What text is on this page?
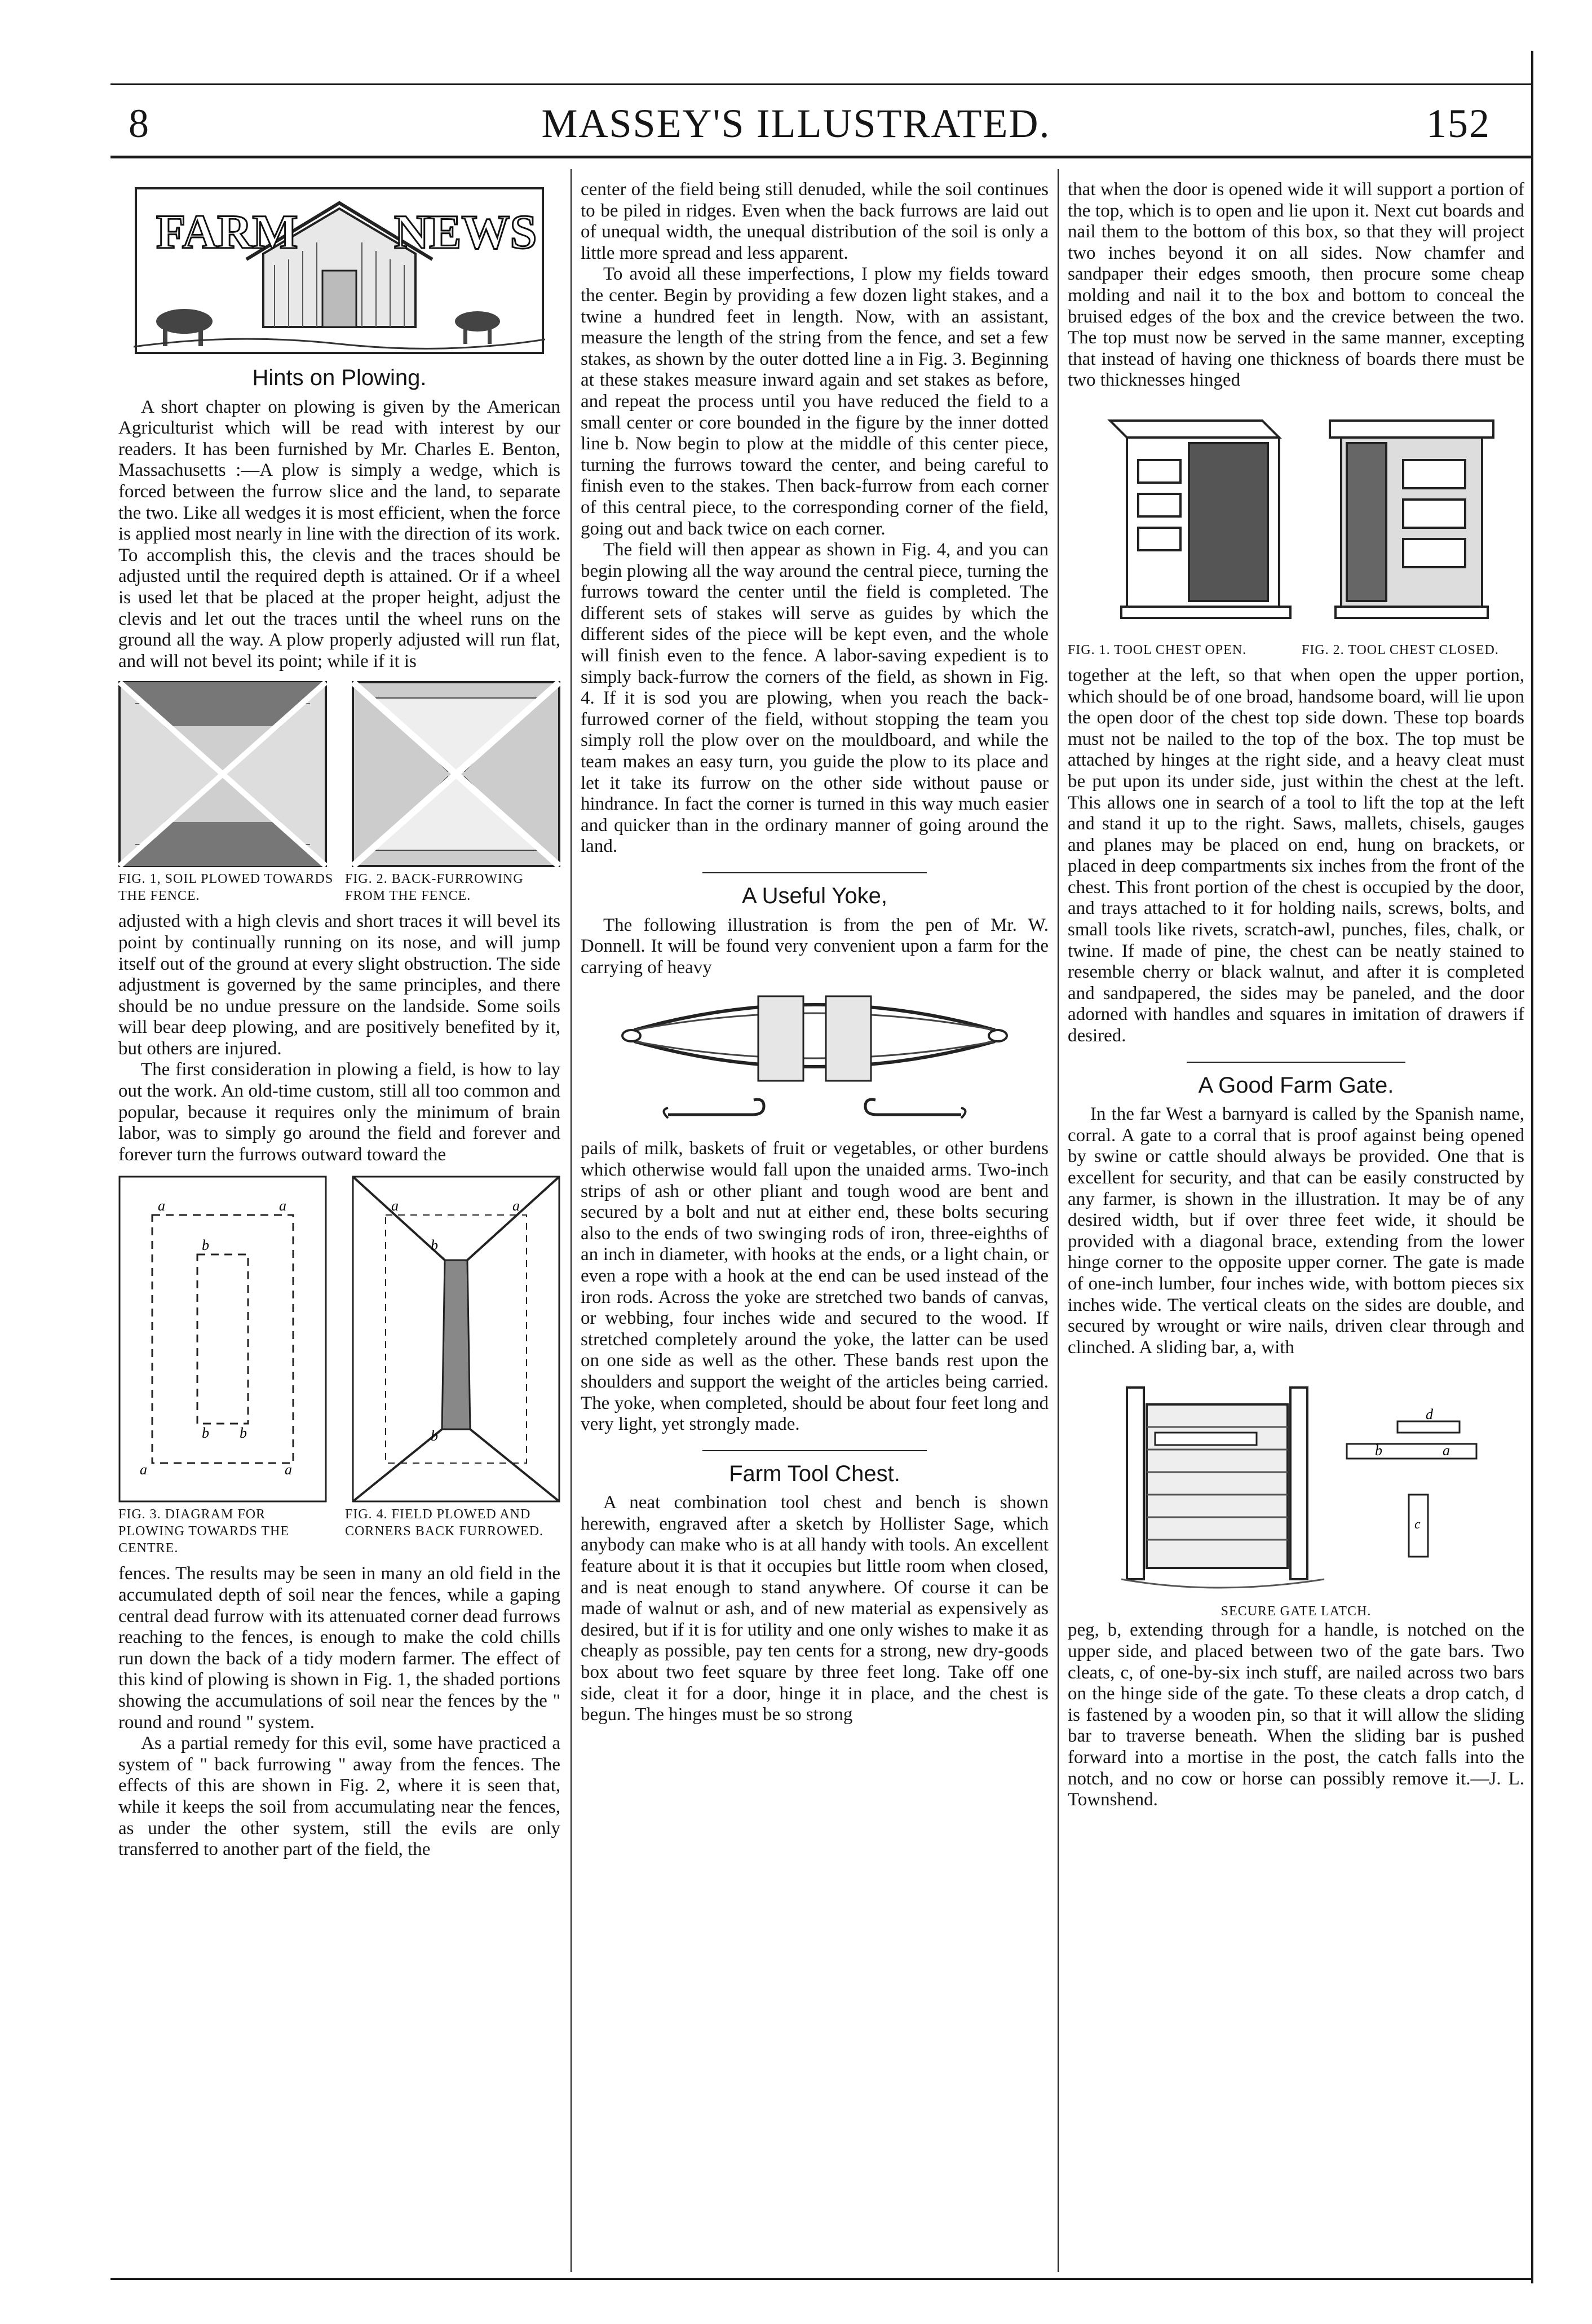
8	MASSEY'S ILLUSTRATED.	152
FARM NEWS
Hints on Plowing.

A short chapter on plowing is given by the American Agriculturist which will be read with interest by our readers. It has been furnished by Mr. Charles E. Benton, Massachusetts :—A plow is simply a wedge, which is forced between the furrow slice and the land, to separate the two. Like all wedges it is most efficient, when the force is applied most nearly in line with the direction of its work. To accomplish this, the clevis and the traces should be adjusted until the required depth is attained. Or if a wheel is used let that be placed at the proper height, adjust the clevis and let out the traces until the wheel runs on the ground all the way. A plow properly adjusted will run flat, and will not bevel its point; while if it is

FIG. 1, SOIL PLOWED TOWARDS THE FENCE.
FIG. 2. BACK-FURROWING FROM THE FENCE.

adjusted with a high clevis and short traces it will bevel its point by continually running on its nose, and will jump itself out of the ground at every slight obstruction. The side adjustment is governed by the same principles, and there should be no undue pressure on the landside. Some soils will bear deep plowing, and are positively benefited by it, but others are injured.

The first consideration in plowing a field, is how to lay out the work. An old-time custom, still all too common and popular, because it requires only the minimum of brain labor, was to simply go around the field and forever and forever turn the furrows outward toward the

a	a
a	a
b
b b
a	a
b
b
FIG. 3. DIAGRAM FOR PLOWING TOWARDS THE CENTRE.
FIG. 4. FIELD PLOWED AND CORNERS BACK FURROWED.

fences. The results may be seen in many an old field in the accumulated depth of soil near the fences, while a gaping central dead furrow with its attenuated corner dead furrows reaching to the fences, is enough to make the cold chills run down the back of a tidy modern farmer. The effect of this kind of plowing is shown in Fig. 1, the shaded portions showing the accumulations of soil near the fences by the " round and round " system.

As a partial remedy for this evil, some have practiced a system of " back furrowing " away from the fences. The effects of this are shown in Fig. 2, where it is seen that, while it keeps the soil from accumulating near the fences, as under the other system, still the evils are only transferred to another part of the field, the

center of the field being still denuded, while the soil continues to be piled in ridges. Even when the back furrows are laid out of unequal width, the unequal distribution of the soil is only a little more spread and less apparent.

To avoid all these imperfections, I plow my fields toward the center. Begin by providing a few dozen light stakes, and a twine a hundred feet in length. Now, with an assistant, measure the length of the string from the fence, and set a few stakes, as shown by the outer dotted line a in Fig. 3. Beginning at these stakes measure inward again and set stakes as before, and repeat the process until you have reduced the field to a small center or core bounded in the figure by the inner dotted line b. Now begin to plow at the middle of this center piece, turning the furrows toward the center, and being careful to finish even to the stakes. Then back-furrow from each corner of this central piece, to the corresponding corner of the field, going out and back twice on each corner.

The field will then appear as shown in Fig. 4, and you can begin plowing all the way around the central piece, turning the furrows toward the center until the field is completed. The different sets of stakes will serve as guides by which the different sides of the piece will be kept even, and the whole will finish even to the fence. A labor-saving expedient is to simply back-furrow the corners of the field, as shown in Fig. 4. If it is sod you are plowing, when you reach the back-furrowed corner of the field, without stopping the team you simply roll the plow over on the mouldboard, and while the team makes an easy turn, you guide the plow to its place and let it take its furrow on the other side without pause or hindrance. In fact the corner is turned in this way much easier and quicker than in the ordinary manner of going around the land.

A Useful Yoke,

The following illustration is from the pen of Mr. W. Donnell. It will be found very convenient upon a farm for the carrying of heavy

pails of milk, baskets of fruit or vegetables, or other burdens which otherwise would fall upon the unaided arms. Two-inch strips of ash or other pliant and tough wood are bent and secured by a bolt and nut at either end, these bolts securing also to the ends of two swinging rods of iron, three-eighths of an inch in diameter, with hooks at the ends, or a light chain, or even a rope with a hook at the end can be used instead of the iron rods. Across the yoke are stretched two bands of canvas, or webbing, four inches wide and secured to the wood. If stretched completely around the yoke, the latter can be used on one side as well as the other. These bands rest upon the shoulders and support the weight of the articles being carried. The yoke, when completed, should be about four feet long and very light, yet strongly made.

Farm Tool Chest.

A neat combination tool chest and bench is shown herewith, engraved after a sketch by Hollister Sage, which anybody can make who is at all handy with tools. An excellent feature about it is that it occupies but little room when closed, and is neat enough to stand anywhere. Of course it can be made of walnut or ash, and of new material as expensively as desired, but if it is for utility and one only wishes to make it as cheaply as possible, pay ten cents for a strong, new dry-goods box about two feet square by three feet long. Take off one side, cleat it for a door, hinge it in place, and the chest is begun. The hinges must be so strong

that when the door is opened wide it will support a portion of the top, which is to open and lie upon it. Next cut boards and nail them to the bottom of this box, so that they will project two inches beyond it on all sides. Now chamfer and sandpaper their edges smooth, then procure some cheap molding and nail it to the box and bottom to conceal the bruised edges of the box and the crevice between the two. The top must now be served in the same manner, excepting that instead of having one thickness of boards there must be two thicknesses hinged

FIG. 1. TOOL CHEST OPEN.	FIG. 2. TOOL CHEST CLOSED.

together at the left, so that when open the upper portion, which should be of one broad, handsome board, will lie upon the open door of the chest top side down. These top boards must not be nailed to the top of the box. The top must be attached by hinges at the right side, and a heavy cleat must be put upon its under side, just within the chest at the left. This allows one in search of a tool to lift the top at the left and stand it up to the right. Saws, mallets, chisels, gauges and planes may be placed on end, hung on brackets, or placed in deep compartments six inches from the front of the chest. This front portion of the chest is occupied by the door, and trays attached to it for holding nails, screws, bolts, and small tools like rivets, scratch-awl, punches, files, chalk, or twine. If made of pine, the chest can be neatly stained to resemble cherry or black walnut, and after it is completed and sandpapered, the sides may be paneled, and the door adorned with handles and squares in imitation of drawers if desired.

A Good Farm Gate.

In the far West a barnyard is called by the Spanish name, corral. A gate to a corral that is proof against being opened by swine or cattle should always be provided. One that is excellent for security, and that can be easily constructed by any farmer, is shown in the illustration. It may be of any desired width, but if over three feet wide, it should be provided with a diagonal brace, extending from the lower hinge corner to the opposite upper corner. The gate is made of one-inch lumber, four inches wide, with bottom pieces six inches wide. The vertical cleats on the sides are double, and secured by wrought or wire nails, driven clear through and clinched. A sliding bar, a, with

a
b
c
d
SECURE GATE LATCH.

peg, b, extending through for a handle, is notched on the upper side, and placed between two of the gate bars. Two cleats, c, of one-by-six inch stuff, are nailed across two bars on the hinge side of the gate. To these cleats a drop catch, d is fastened by a wooden pin, so that it will allow the sliding bar to traverse beneath. When the sliding bar is pushed forward into a mortise in the post, the catch falls into the notch, and no cow or horse can possibly remove it.—J. L. Townshend.
